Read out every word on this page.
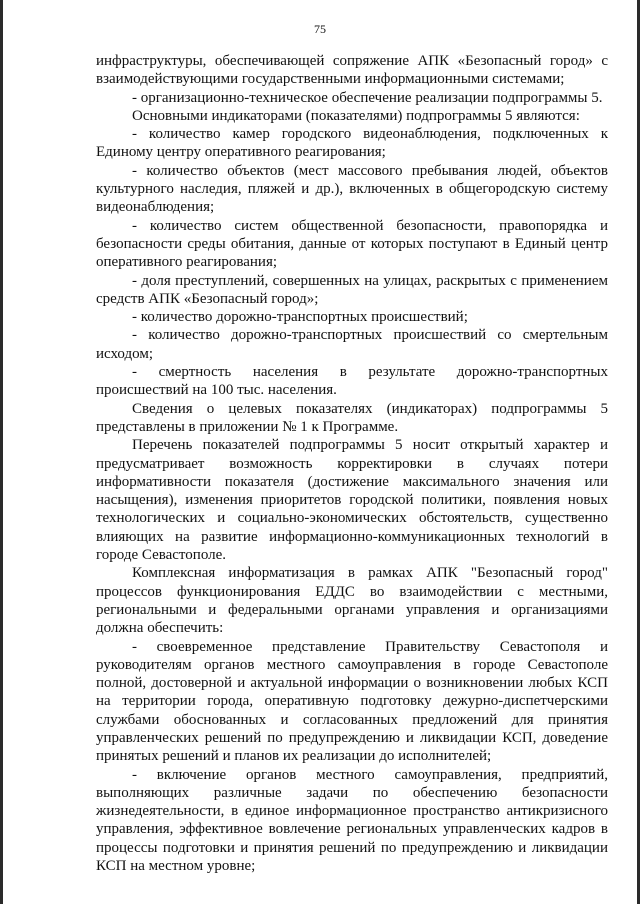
75

инфраструктуры, обеспечивающей сопряжение АПК «Безопасный город» с взаимодействующими государственными информационными системами;

- организационно-техническое обеспечение реализации подпрограммы 5.

Основными индикаторами (показателями) подпрограммы 5 являются:

- количество камер городского видеонаблюдения, подключенных к Единому центру оперативного реагирования;

- количество объектов (мест массового пребывания людей, объектов культурного наследия, пляжей и др.), включенных в общегородскую систему видеонаблюдения;

- количество систем общественной безопасности, правопорядка и безопасности среды обитания, данные от которых поступают в Единый центр оперативного реагирования;

- доля преступлений, совершенных на улицах, раскрытых с применением средств АПК «Безопасный город»;

- количество дорожно-транспортных происшествий;

- количество дорожно-транспортных происшествий со смертельным исходом;

- смертность населения в результате дорожно-транспортных происшествий на 100 тыс. населения.

Сведения о целевых показателях (индикаторах) подпрограммы 5 представлены в приложении № 1 к Программе.

Перечень показателей подпрограммы 5 носит открытый характер и предусматривает возможность корректировки в случаях потери информативности показателя (достижение максимального значения или насыщения), изменения приоритетов городской политики, появления новых технологических и социально-экономических обстоятельств, существенно влияющих на развитие информационно-коммуникационных технологий в городе Севастополе.

Комплексная информатизация в рамках АПК "Безопасный город" процессов функционирования ЕДДС во взаимодействии с местными, региональными и федеральными органами управления и организациями должна обеспечить:

- своевременное представление Правительству Севастополя и руководителям органов местного самоуправления в городе Севастополе полной, достоверной и актуальной информации о возникновении любых КСП на территории города, оперативную подготовку дежурно-диспетчерскими службами обоснованных и согласованных предложений для принятия управленческих решений по предупреждению и ликвидации КСП, доведение принятых решений и планов их реализации до исполнителей;

- включение органов местного самоуправления, предприятий, выполняющих различные задачи по обеспечению безопасности жизнедеятельности, в единое информационное пространство антикризисного управления, эффективное вовлечение региональных управленческих кадров в процессы подготовки и принятия решений по предупреждению и ликвидации КСП на местном уровне;
